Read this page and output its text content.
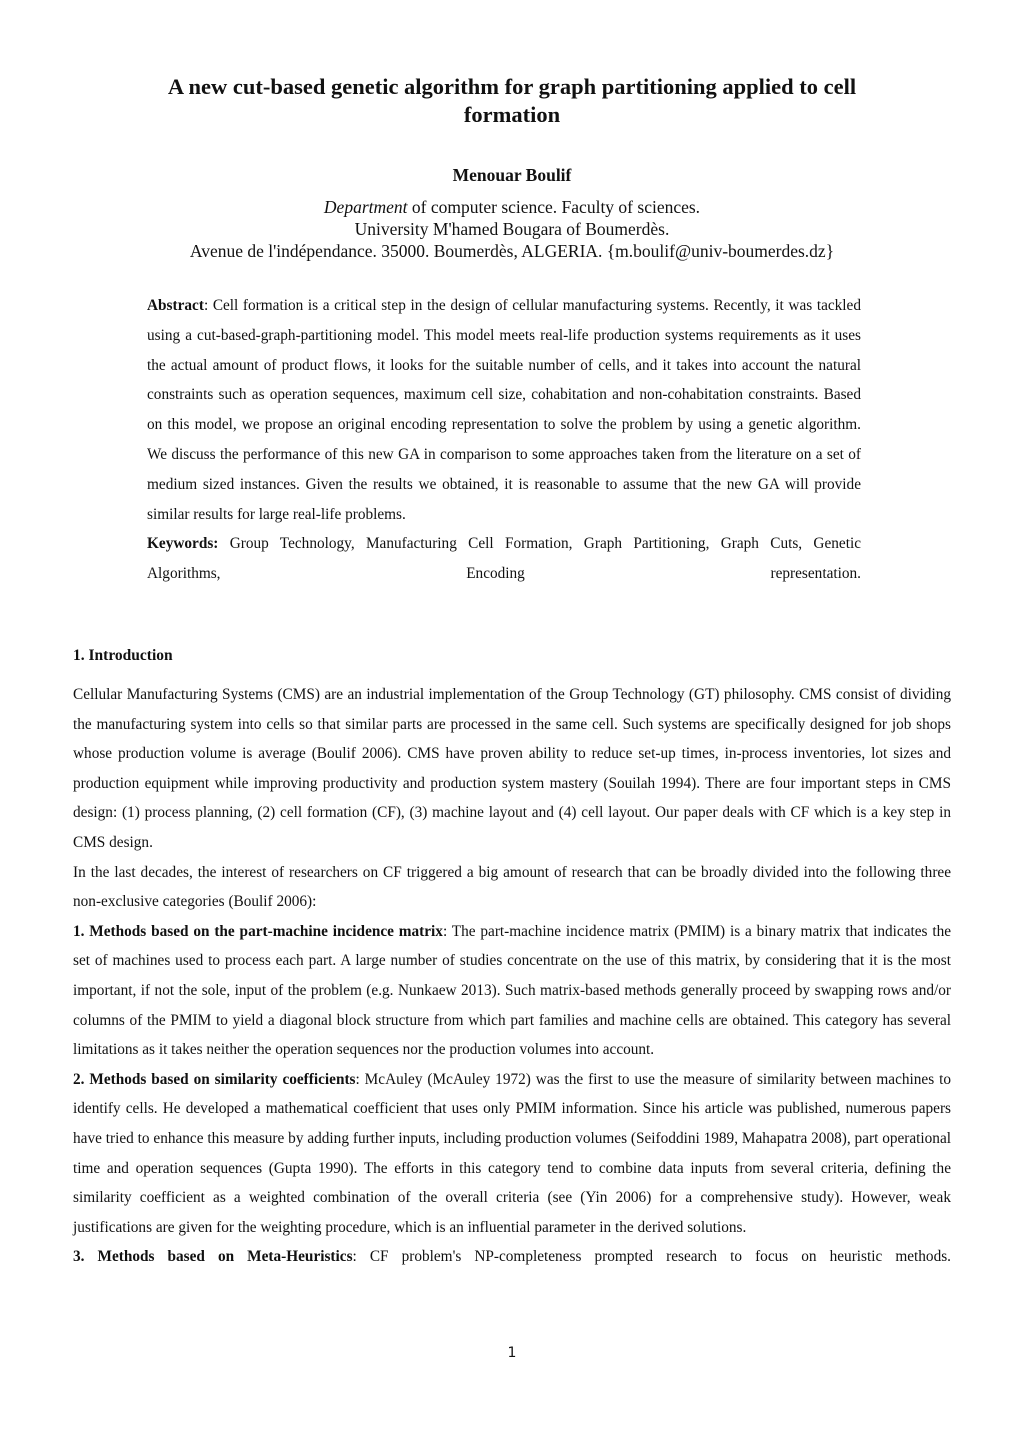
A new cut-based genetic algorithm for graph partitioning applied to cell formation
Menouar Boulif
Department of computer science. Faculty of sciences.
University M'hamed Bougara of Boumerdès.
Avenue de l'indépendance. 35000. Boumerdès, ALGERIA. {m.boulif@univ-boumerdes.dz}

Abstract: Cell formation is a critical step in the design of cellular manufacturing systems. Recently, it was tackled using a cut-based-graph-partitioning model. This model meets real-life production systems requirements as it uses the actual amount of product flows, it looks for the suitable number of cells, and it takes into account the natural constraints such as operation sequences, maximum cell size, cohabitation and non-cohabitation constraints. Based on this model, we propose an original encoding representation to solve the problem by using a genetic algorithm. We discuss the performance of this new GA in comparison to some approaches taken from the literature on a set of medium sized instances. Given the results we obtained, it is reasonable to assume that the new GA will provide similar results for large real-life problems.

Keywords: Group Technology, Manufacturing Cell Formation, Graph Partitioning, Graph Cuts, Genetic Algorithms, Encoding representation.

1. Introduction

Cellular Manufacturing Systems (CMS) are an industrial implementation of the Group Technology (GT) philosophy. CMS consist of dividing the manufacturing system into cells so that similar parts are processed in the same cell. Such systems are specifically designed for job shops whose production volume is average (Boulif 2006). CMS have proven ability to reduce set-up times, in-process inventories, lot sizes and production equipment while improving productivity and production system mastery (Souilah 1994). There are four important steps in CMS design: (1) process planning, (2) cell formation (CF), (3) machine layout and (4) cell layout. Our paper deals with CF which is a key step in CMS design.

In the last decades, the interest of researchers on CF triggered a big amount of research that can be broadly divided into the following three non-exclusive categories (Boulif 2006):

1. Methods based on the part-machine incidence matrix: The part-machine incidence matrix (PMIM) is a binary matrix that indicates the set of machines used to process each part. A large number of studies concentrate on the use of this matrix, by considering that it is the most important, if not the sole, input of the problem (e.g. Nunkaew 2013). Such matrix-based methods generally proceed by swapping rows and/or columns of the PMIM to yield a diagonal block structure from which part families and machine cells are obtained. This category has several limitations as it takes neither the operation sequences nor the production volumes into account.

2. Methods based on similarity coefficients: McAuley (McAuley 1972) was the first to use the measure of similarity between machines to identify cells. He developed a mathematical coefficient that uses only PMIM information. Since his article was published, numerous papers have tried to enhance this measure by adding further inputs, including production volumes (Seifoddini 1989, Mahapatra 2008), part operational time and operation sequences (Gupta 1990). The efforts in this category tend to combine data inputs from several criteria, defining the similarity coefficient as a weighted combination of the overall criteria (see (Yin 2006) for a comprehensive study). However, weak justifications are given for the weighting procedure, which is an influential parameter in the derived solutions.

3. Methods based on Meta-Heuristics: CF problem's NP-completeness prompted research to focus on heuristic methods.

1
